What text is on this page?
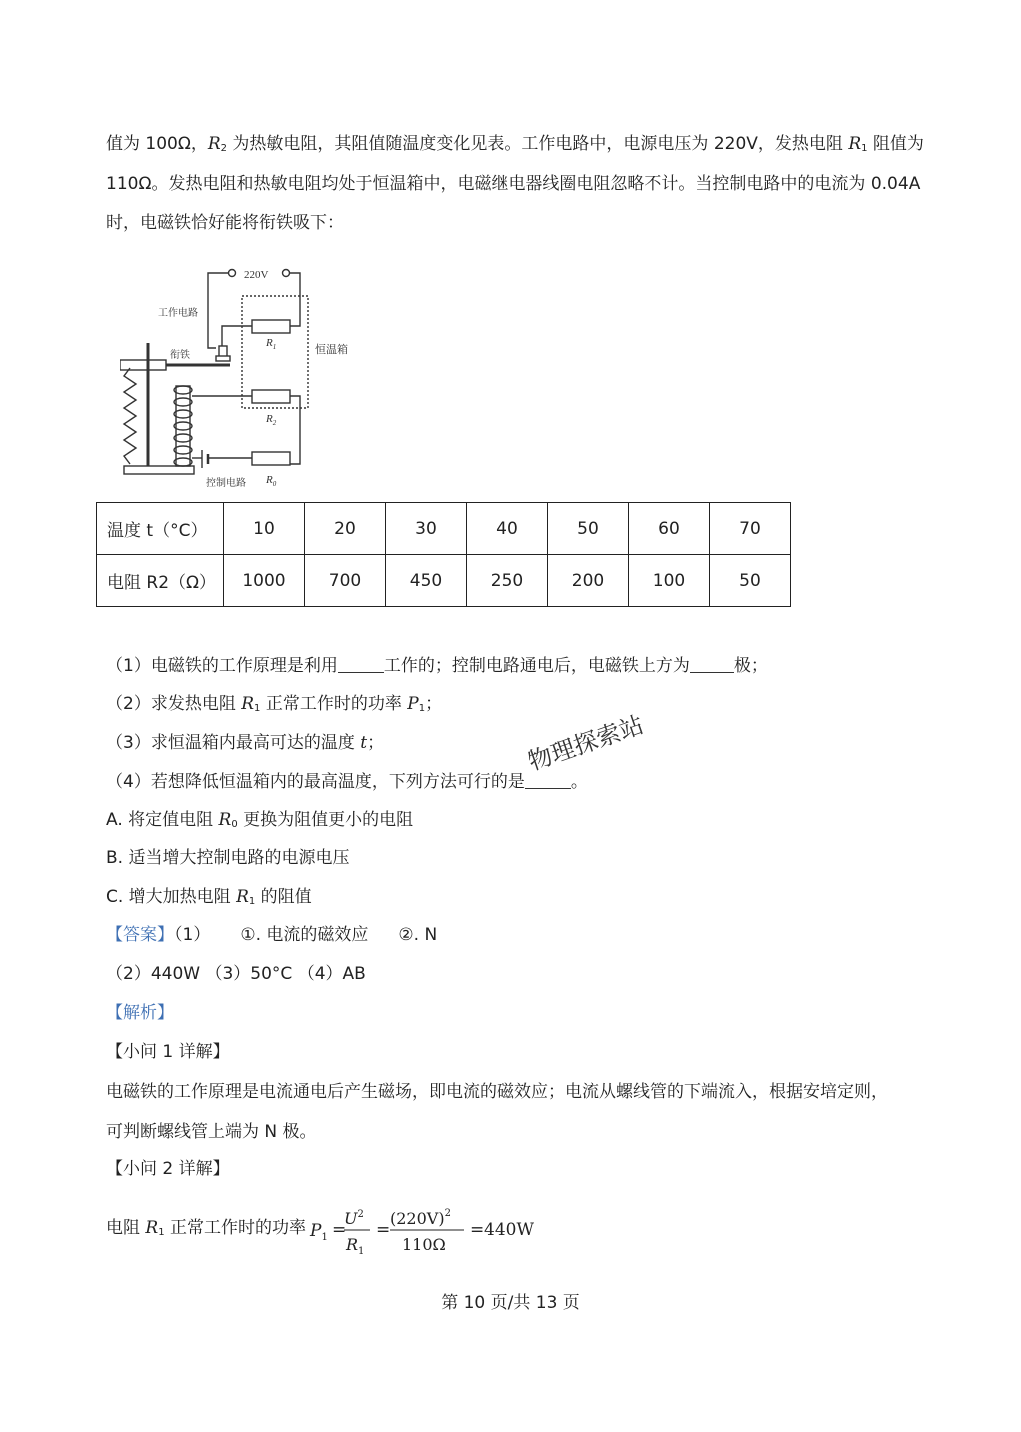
值为 100Ω，$R_2$ 为热敏电阻，其阻值随温度变化见表。工作电路中，电源电压为 220V，发热电阻 $R_1$ 阻值为
110Ω。发热电阻和热敏电阻均处于恒温箱中，电磁继电器线圈电阻忽略不计。当控制电路中的电流为 0.04A
时，电磁铁恰好能将衔铁吸下：
220V
恒温箱
$R_1$
工作电路
衔铁
$R_2$
$R_0$
控制电路
温度 t（°C）	10	20	30	40	50	60	70
电阻 R2（Ω）	1000	700	450	250	200	100	50
（1）电磁铁的工作原理是利用	工作的；控制电路通电后，电磁铁上方为	极；
（2）求发热电阻 $R_1$ 正常工作时的功率 $P_1$；
（3）求恒温箱内最高可达的温度 t；
（4）若想降低恒温箱内的最高温度，下列方法可行的是	。
物理探索站
A. 将定值电阻 $R_0$ 更换为阻值更小的电阻
B. 适当增大控制电路的电源电压
C. 增大加热电阻 $R_1$ 的阻值
【答案】（1） ①. 电流的磁效应 ②. N
（2）440W （3）50°C （4）AB
【解析】
【小问 1 详解】
电磁铁的工作原理是电流通电后产生磁场，即电流的磁效应；电流从螺线管的下端流入，根据安培定则，
可判断螺线管上端为 N 极。
【小问 2 详解】
电阻 $R_1$ 正常工作时的功率 $P_1$ =
$U^2$
$R_1$
=
$(220V)^2$
110Ω
= 440W
第 10 页/共 13 页
